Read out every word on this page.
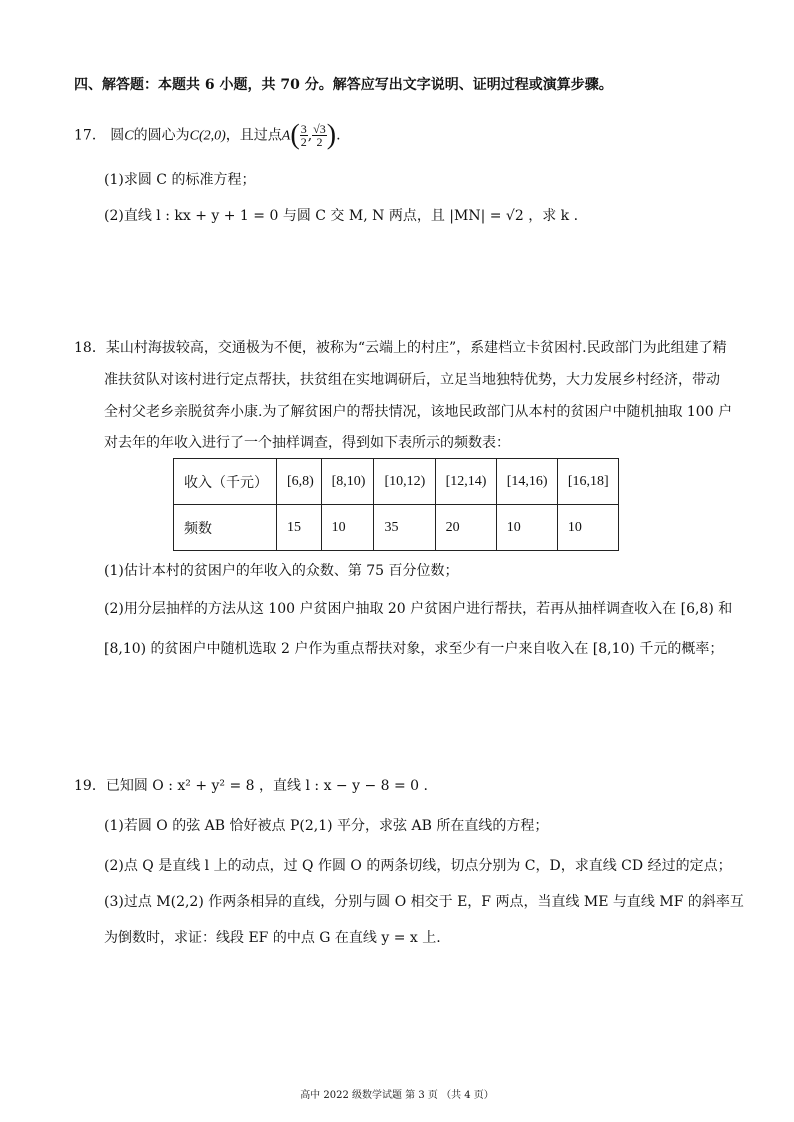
四、解答题：本题共 6 小题，共 70 分。解答应写出文字说明、证明过程或演算步骤。
17． 圆C的圆心为C(2,0)，且过点$A( \frac{3}{2}$ , $\frac{√3}{2}$ ).
(1)求圆 C 的标准方程；
(2)直线 l : kx + y + 1 = 0 与圆 C 交 M, N 两点，且 |MN| = √2 ，求 k .
18．某山村海拔较高，交通极为不便，被称为“云端上的村庄”，系建档立卡贫困村.民政部门为此组建了精
准扶贫队对该村进行定点帮扶，扶贫组在实地调研后，立足当地独特优势，大力发展乡村经济，带动
全村父老乡亲脱贫奔小康.为了解贫困户的帮扶情况，该地民政部门从本村的贫困户中随机抽取 100 户
对去年的年收入进行了一个抽样调查，得到如下表所示的频数表：
收入（千元）	[6,8)	[8,10)	[10,12)	[12,14)	[14,16)	[16,18]
频数	15	10	35	20	10	10
(1)估计本村的贫困户的年收入的众数、第 75 百分位数；
(2)用分层抽样的方法从这 100 户贫困户抽取 20 户贫困户进行帮扶，若再从抽样调查收入在 [6,8) 和
[8,10) 的贫困户中随机选取 2 户作为重点帮扶对象，求至少有一户来自收入在 [8,10) 千元的概率；
19．已知圆 O : x² + y² = 8 ，直线 l : x − y − 8 = 0 .
(1)若圆 O 的弦 AB 恰好被点 P(2,1) 平分，求弦 AB 所在直线的方程；
(2)点 Q 是直线 l 上的动点，过 Q 作圆 O 的两条切线，切点分别为 C，D，求直线 CD 经过的定点；
(3)过点 M(2,2) 作两条相异的直线，分别与圆 O 相交于 E，F 两点，当直线 ME 与直线 MF 的斜率互
为倒数时，求证：线段 EF 的中点 G 在直线 y = x 上.
高中 2022 级数学试题 第 3 页 （共 4 页）
